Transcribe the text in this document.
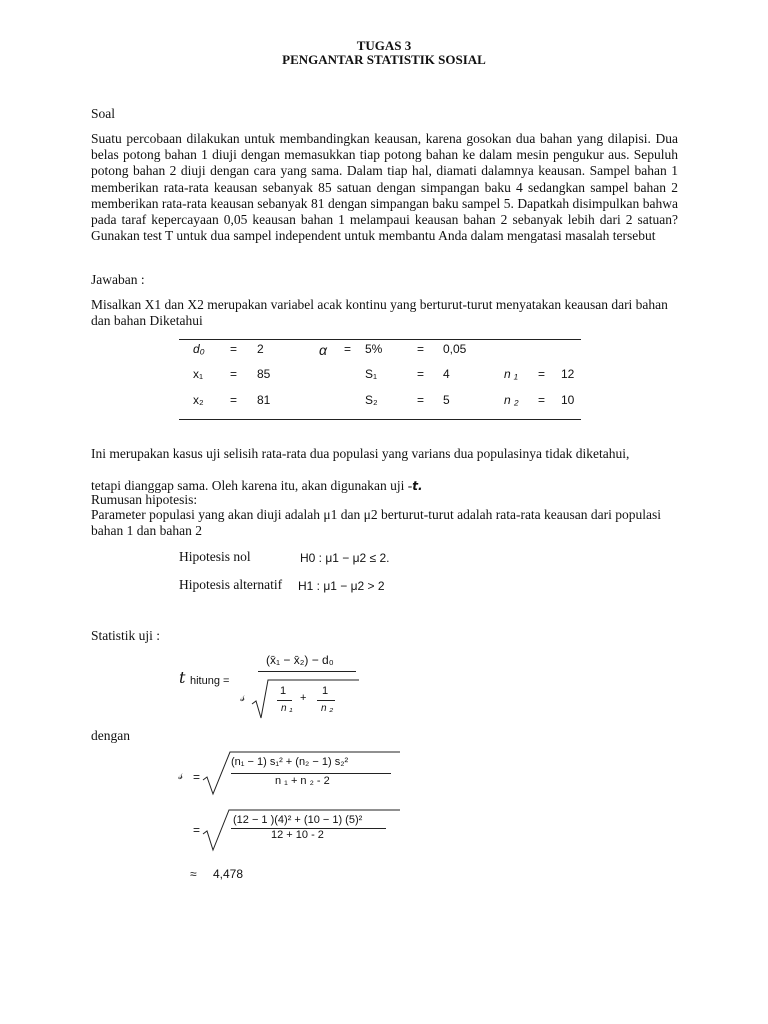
TUGAS 3
PENGANTAR STATISTIK SOSIAL
Soal
Suatu percobaan dilakukan untuk membandingkan keausan, karena gosokan dua bahan yang dilapisi. Dua belas potong bahan 1 diuji dengan memasukkan tiap potong bahan ke dalam mesin pengukur aus. Sepuluh potong bahan 2 diuji dengan cara yang sama. Dalam tiap hal, diamati dalamnya keausan. Sampel bahan 1 memberikan rata-rata keausan sebanyak 85 satuan dengan simpangan baku 4 sedangkan sampel bahan 2 memberikan rata-rata keausan sebanyak 81 dengan simpangan baku sampel 5. Dapatkah disimpulkan bahwa pada taraf kepercayaan 0,05 keausan bahan 1 melampaui keausan bahan 2 sebanyak lebih dari 2 satuan? Gunakan test T untuk dua sampel independent untuk membantu Anda dalam mengatasi masalah tersebut
Jawaban :
Misalkan X1 dan X2 merupakan variabel acak kontinu yang berturut-turut menyatakan keausan dari bahan dan bahan Diketahui
d₀ = 2	α = 5%	= 0,05
x₁ = 85	S₁	= 4	n ₁ = 12
x₂ = 81	S₂	= 5	n ₂ = 10
Ini merupakan kasus uji selisih rata-rata dua populasi yang varians dua populasinya tidak diketahui,
tetapi dianggap sama. Oleh karena itu, akan digunakan uji -t.
Rumusan hipotesis:
Parameter populasi yang akan diuji adalah μ1 dan μ2 berturut-turut adalah rata-rata keausan dari populasi bahan 1 dan bahan 2
Hipotesis nol	H0 : μ1 − μ2 ≤ 2.
Hipotesis alternatif H1 : μ1 − μ2 > 2
Statistik uji :
(x̄₁ − x̄₂) − d₀
t hitung =
𝓈	1
n ₁
+
1
n ₂
dengan
𝓈 =
(n₁ − 1) s₁² + (n₂ − 1) s₂²
n ₁ + n ₂ - 2
=
(12 − 1 )(4)² + (10 − 1) (5)²
12 + 10 - 2
≈ 4,478
